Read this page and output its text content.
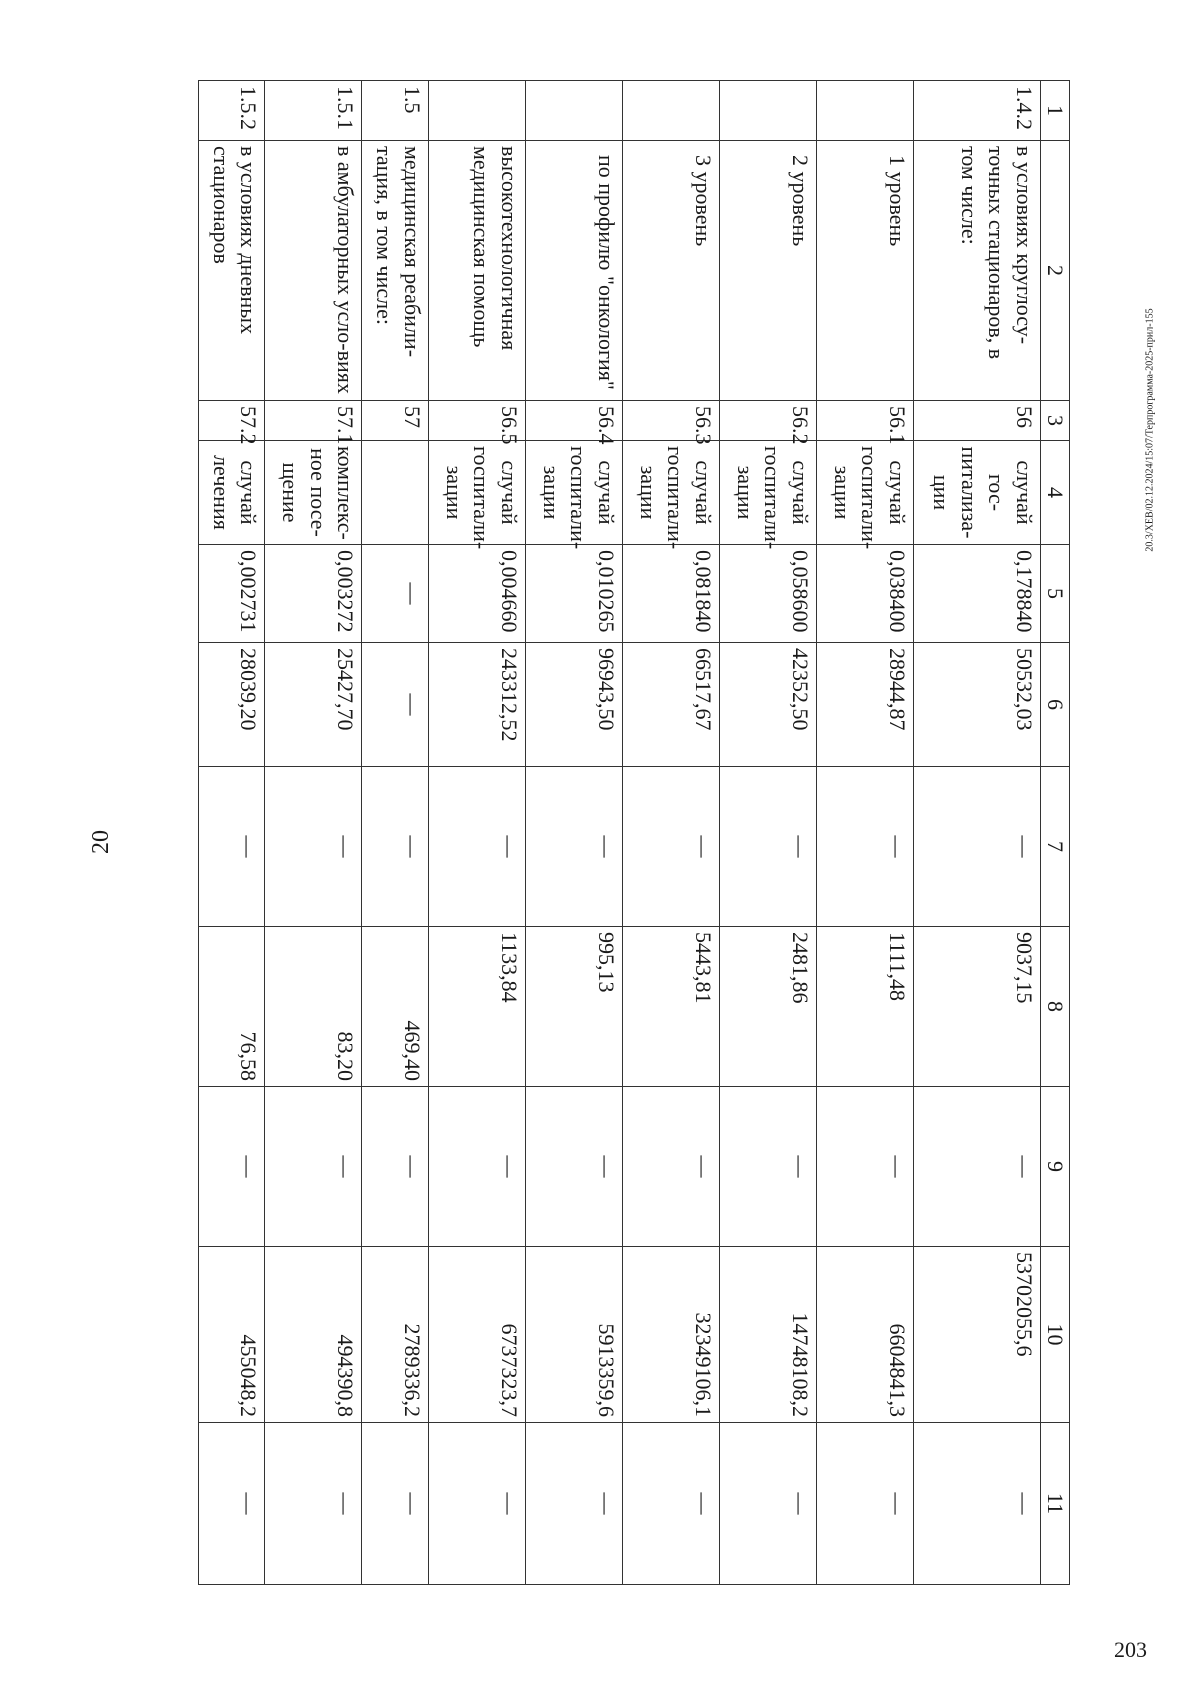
20
20.3/ХЕВ/02.12.2024/15:07/Терпрограмма-2025-прил-155
203
1	2	3	4	5	6	7	8	9	10	11
1.4.2	в условиях круглосу-точных стационаров, в том числе:	56	случай гос-питализа-ции	0,178840	50532,03	—	9037,15	—	53702055,6	—
	1 уровень	56.1	случай госпитали-зации	0,038400	28944,87	—	1111,48	—	6604841,3	—
	2 уровень	56.2	случай госпитали-зации	0,058600	42352,50	—	2481,86	—	14748108,2	—
	3 уровень	56.3	случай госпитали-зации	0,081840	66517,67	—	5443,81	—	32349106,1	—
	по профилю "онкология"	56.4	случай госпитали-зации	0,010265	96943,50	—	995,13	—	5913359,6	—
	высокотехнологичная медицинская помощь	56.5	случай госпитали-зации	0,004660	243312,52	—	1133,84	—	6737323,7	—
1.5	медицинская реабили-тация, в том числе:	57		—	—	—	469,40	—	2789336,2	—
1.5.1	в амбулаторных усло-виях	57.1	комплекс-ное посе-щение	0,003272	25427,70	—	83,20	—	494390,8	—
1.5.2	в условиях дневных стационаров	57.2	случай лечения	0,002731	28039,20	—	76,58	—	455048,2	—
